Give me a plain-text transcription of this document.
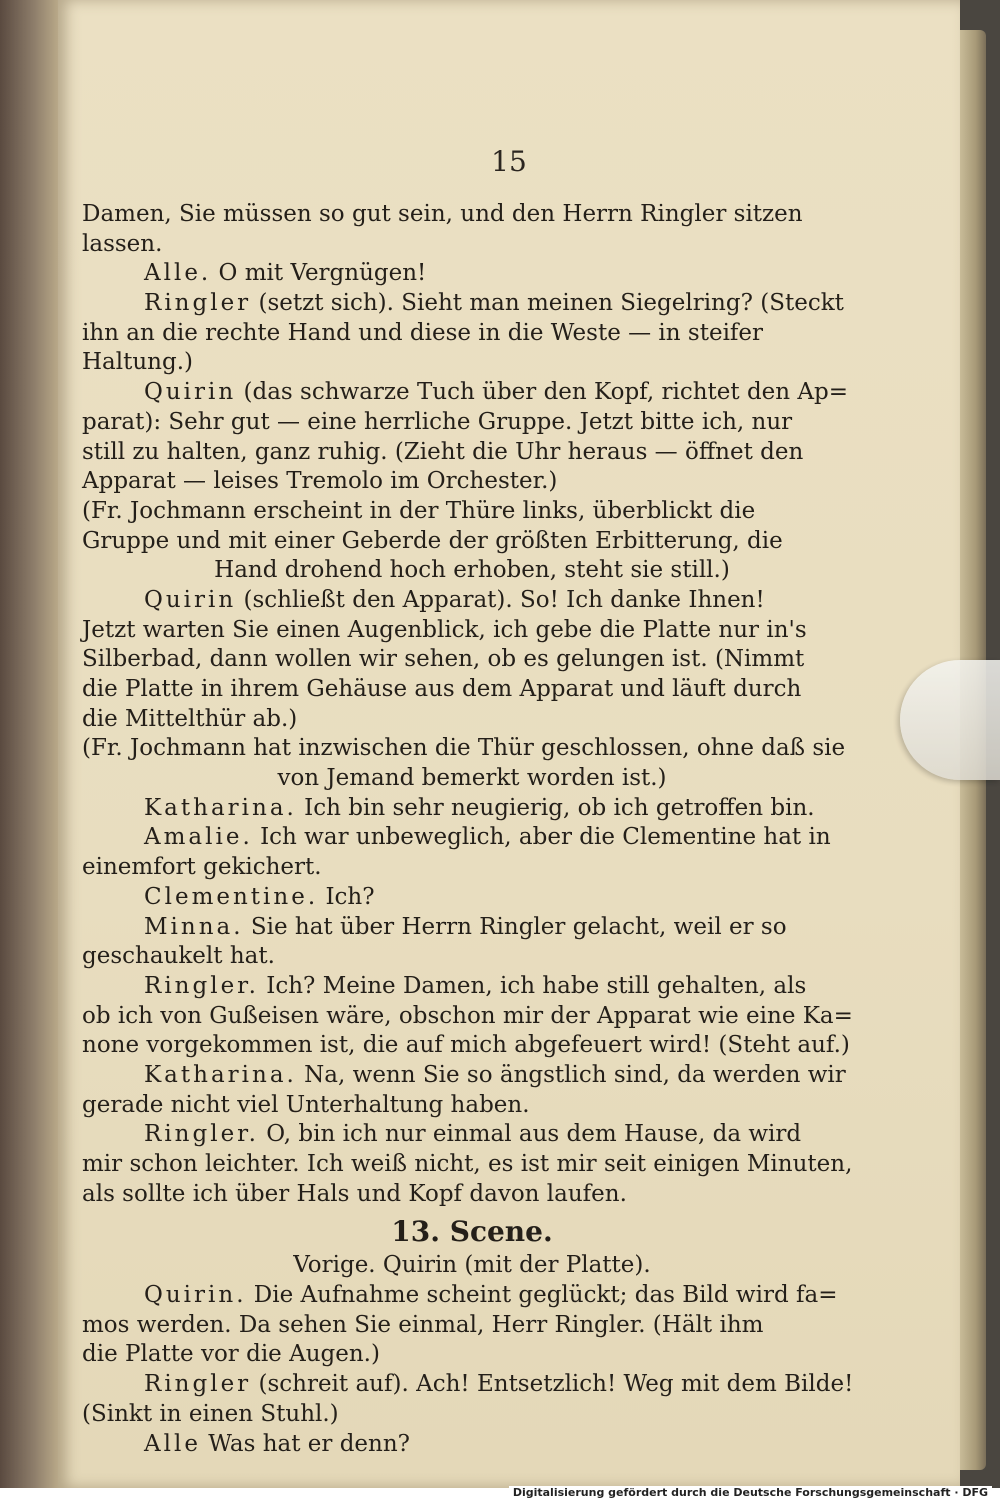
15
Damen, Sie müssen so gut sein, und den Herrn Ringler sitzen
lassen.
Alle. O mit Vergnügen!
Ringler (setzt sich). Sieht man meinen Siegelring? (Steckt
ihn an die rechte Hand und diese in die Weste — in steifer
Haltung.)
Quirin (das schwarze Tuch über den Kopf, richtet den Ap=
parat): Sehr gut — eine herrliche Gruppe. Jetzt bitte ich, nur
still zu halten, ganz ruhig. (Zieht die Uhr heraus — öffnet den
Apparat — leises Tremolo im Orchester.)
(Fr. Jochmann erscheint in der Thüre links, überblickt die
Gruppe und mit einer Geberde der größten Erbitterung, die
Hand drohend hoch erhoben, steht sie still.)
Quirin (schließt den Apparat). So! Ich danke Ihnen!
Jetzt warten Sie einen Augenblick, ich gebe die Platte nur in's
Silberbad, dann wollen wir sehen, ob es gelungen ist. (Nimmt
die Platte in ihrem Gehäuse aus dem Apparat und läuft durch
die Mittelthür ab.)
(Fr. Jochmann hat inzwischen die Thür geschlossen, ohne daß sie
von Jemand bemerkt worden ist.)
Katharina. Ich bin sehr neugierig, ob ich getroffen bin.
Amalie. Ich war unbeweglich, aber die Clementine hat in
einemfort gekichert.
Clementine. Ich?
Minna. Sie hat über Herrn Ringler gelacht, weil er so
geschaukelt hat.
Ringler. Ich? Meine Damen, ich habe still gehalten, als
ob ich von Gußeisen wäre, obschon mir der Apparat wie eine Ka=
none vorgekommen ist, die auf mich abgefeuert wird! (Steht auf.)
Katharina. Na, wenn Sie so ängstlich sind, da werden wir
gerade nicht viel Unterhaltung haben.
Ringler. O, bin ich nur einmal aus dem Hause, da wird
mir schon leichter. Ich weiß nicht, es ist mir seit einigen Minuten,
als sollte ich über Hals und Kopf davon laufen.
13. Scene.
Vorige. Quirin (mit der Platte).
Quirin. Die Aufnahme scheint geglückt; das Bild wird fa=
mos werden. Da sehen Sie einmal, Herr Ringler. (Hält ihm
die Platte vor die Augen.)
Ringler (schreit auf). Ach! Entsetzlich! Weg mit dem Bilde!
(Sinkt in einen Stuhl.)
Alle Was hat er denn?
Digitalisierung gefördert durch die Deutsche Forschungsgemeinschaft · DFG
